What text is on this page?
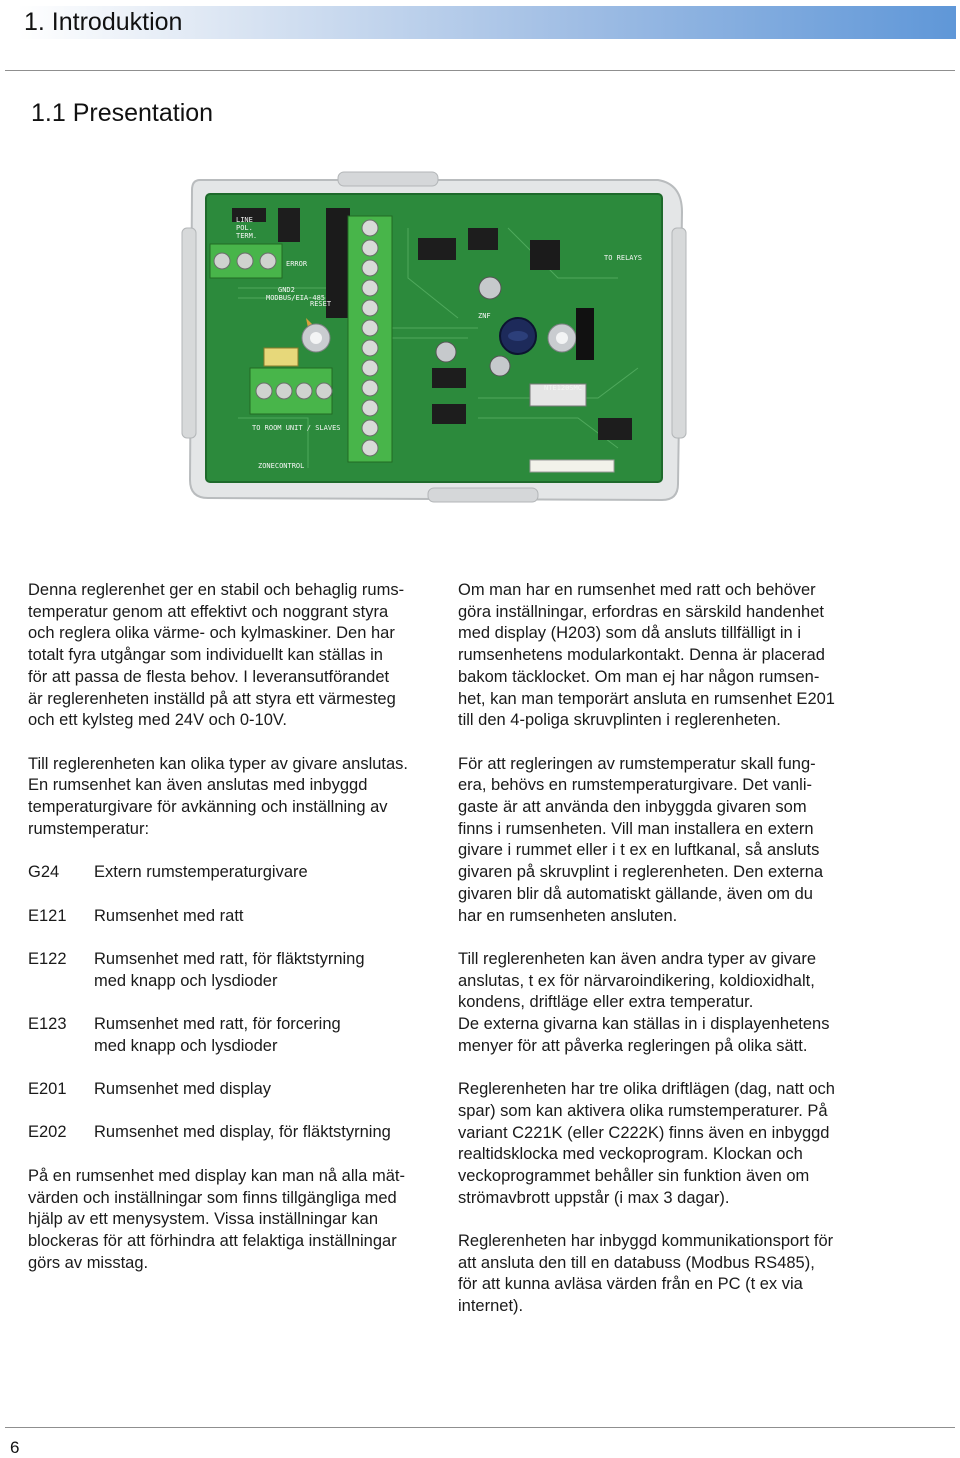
1. Introduktion
1.1 Presentation
LINE
POL.
TERM.
ERROR
GND2
MODBUS/EIA-485
RESET
TO RELAYS
ZNF
NTE120SMC
TO ROOM UNIT / SLAVES
ZONECONTROL

Denna reglerenhet ger en stabil och behaglig rums-
temperatur genom att effektivt och noggrant styra
och reglera olika värme- och kylmaskiner. Den har
totalt fyra utgångar som individuellt kan ställas in
för att passa de flesta behov. I leveransutförandet
är reglerenheten inställd på att styra ett värmesteg
och ett kylsteg med 24V och 0-10V.

Till reglerenheten kan olika typer av givare anslutas.
En rumsenhet kan även anslutas med inbyggd
temperaturgivare för avkänning och inställning av
rumstemperatur:

G24	Extern rumstemperaturgivare
E121	Rumsenhet med ratt
E122	Rumsenhet med ratt, för fläktstyrning
med knapp och lysdioder
E123	Rumsenhet med ratt, för forcering
med knapp och lysdioder
E201	Rumsenhet med display
E202	Rumsenhet med display, för fläktstyrning

På en rumsenhet med display kan man nå alla mät-
värden och inställningar som finns tillgängliga med
hjälp av ett menysystem. Vissa inställningar kan
blockeras för att förhindra att felaktiga inställningar
görs av misstag.

Om man har en rumsenhet med ratt och behöver
göra inställningar, erfordras en särskild handenhet
med display (H203) som då ansluts tillfälligt in i
rumsenhetens modularkontakt. Denna är placerad
bakom täcklocket. Om man ej har någon rumsen-
het, kan man temporärt ansluta en rumsenhet E201
till den 4-poliga skruvplinten i reglerenheten.

För att regleringen av rumstemperatur skall fung-
era, behövs en rumstemperaturgivare. Det vanli-
gaste är att använda den inbyggda givaren som
finns i rumsenheten. Vill man installera en extern
givare i rummet eller i t ex en luftkanal, så ansluts
givaren på skruvplint i reglerenheten. Den externa
givaren blir då automatiskt gällande, även om du
har en rumsenheten ansluten.

Till reglerenheten kan även andra typer av givare
anslutas, t ex för närvaroindikering, koldioxidhalt,
kondens, driftläge eller extra temperatur.
De externa givarna kan ställas in i displayenhetens
menyer för att påverka regleringen på olika sätt.

Reglerenheten har tre olika driftlägen (dag, natt och
spar) som kan aktivera olika rumstemperaturer. På
variant C221K (eller C222K) finns även en inbyggd
realtidsklocka med veckoprogram. Klockan och
veckoprogrammet behåller sin funktion även om
strömavbrott uppstår (i max 3 dagar).

Reglerenheten har inbyggd kommunikationsport för
att ansluta den till en databuss (Modbus RS485),
för att kunna avläsa värden från en PC (t ex via
internet).

6
